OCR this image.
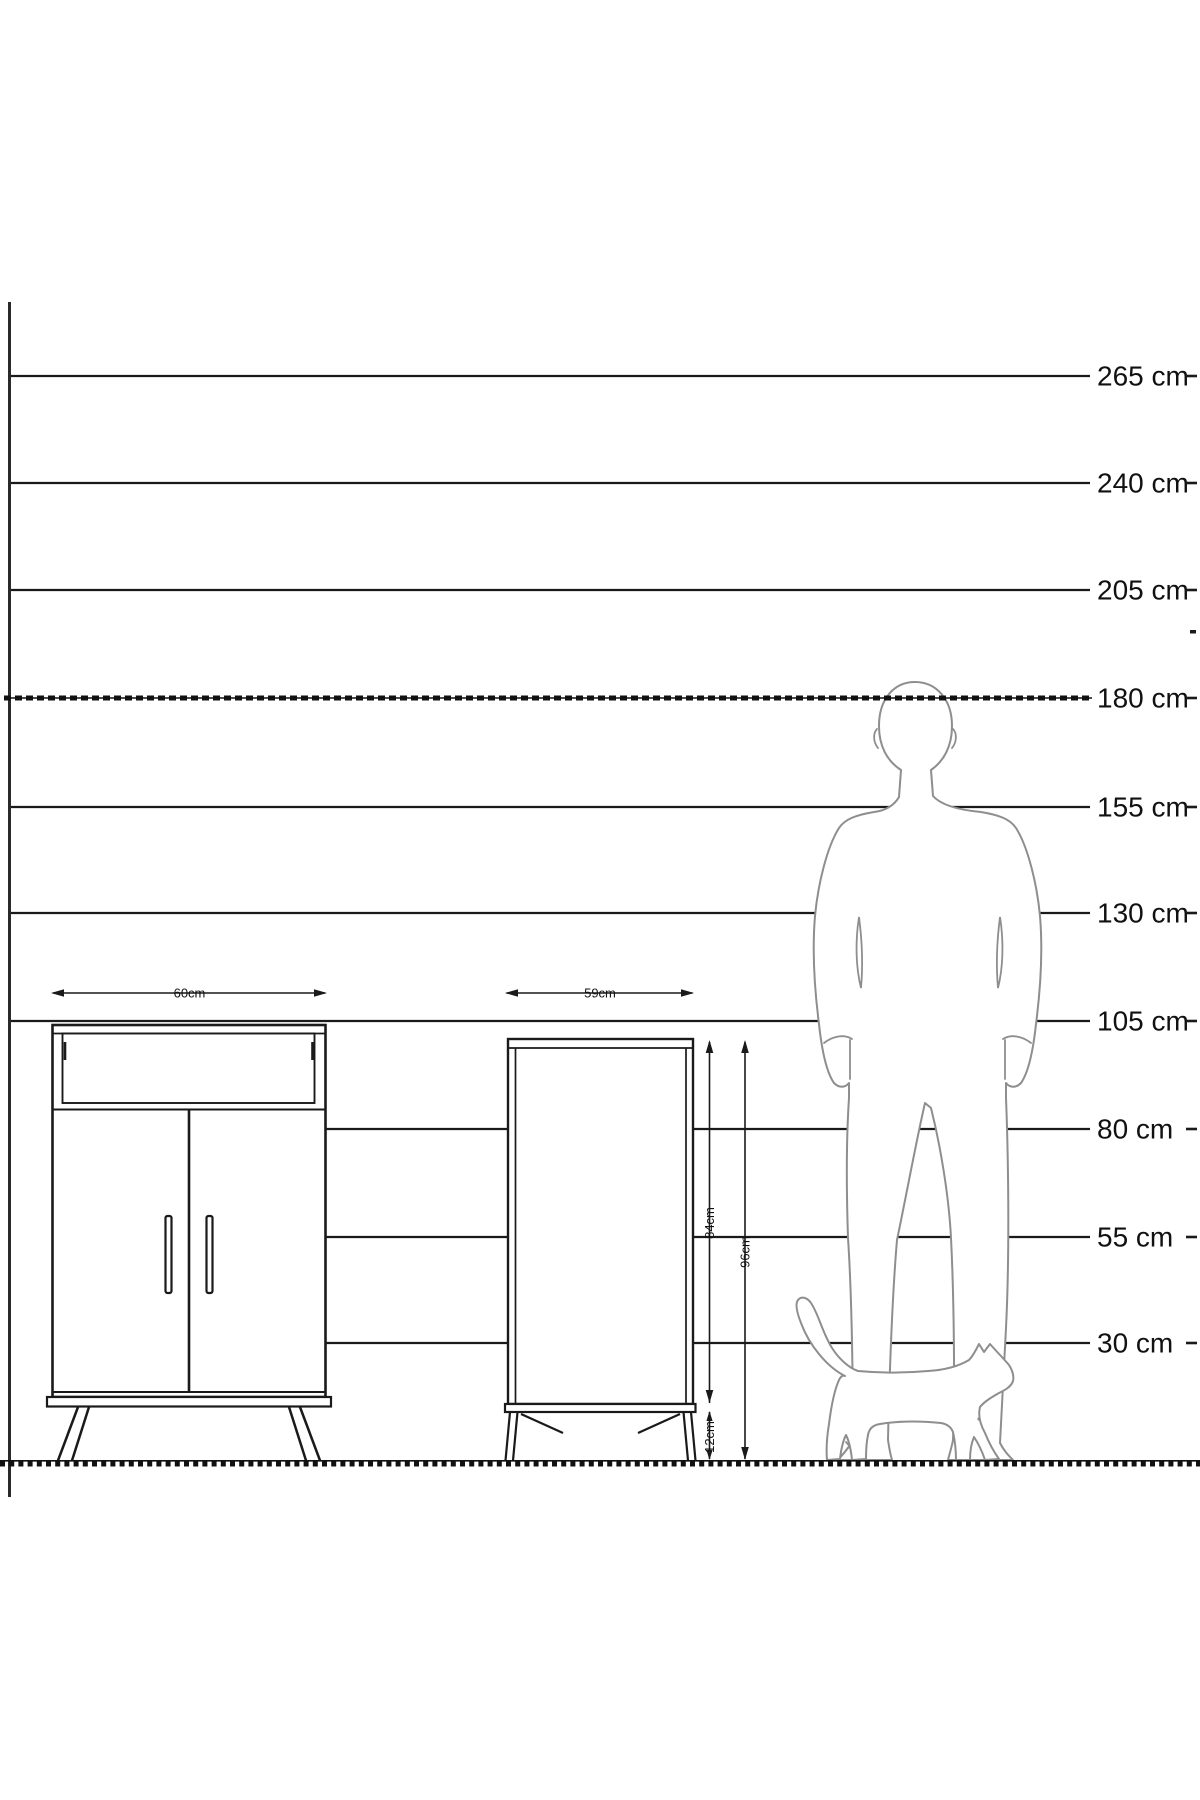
60cm	59cm
84cm
12cm
96cm
265 cm
240 cm
205 cm
180 cm
155 cm
130 cm
105 cm
80 cm
55 cm
30 cm
